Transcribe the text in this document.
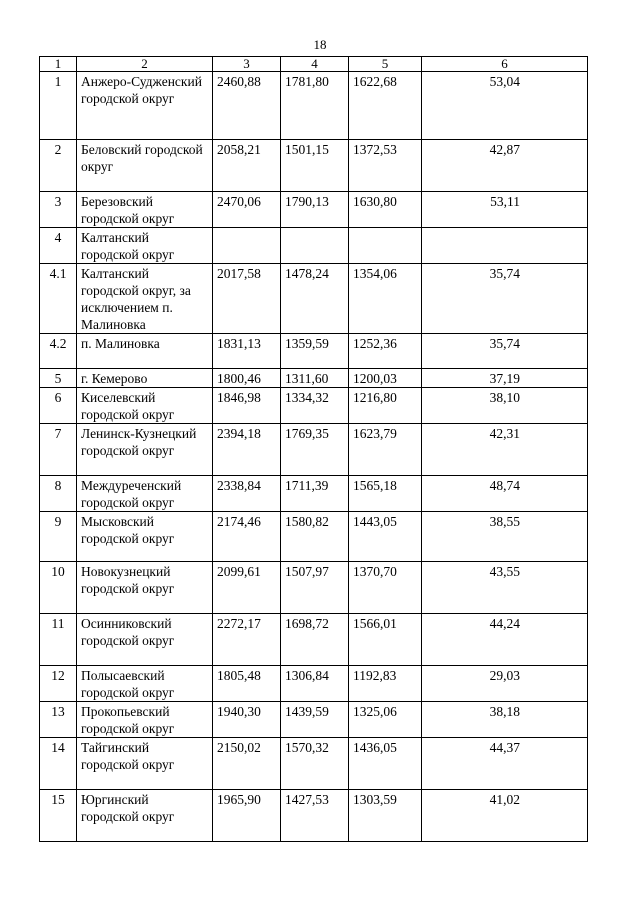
18
1	2	3	4	5	6
1	Анжеро-Судженский городской округ	2460,88	1781,80	1622,68	53,04
2	Беловский городской округ	2058,21	1501,15	1372,53	42,87
3	Березовский городской округ	2470,06	1790,13	1630,80	53,11
4	Калтанский городской округ				
4.1	Калтанский городской округ, за исключением п. Малиновка	2017,58	1478,24	1354,06	35,74
4.2	п. Малиновка	1831,13	1359,59	1252,36	35,74
5	г. Кемерово	1800,46	1311,60	1200,03	37,19
6	Киселевский городской округ	1846,98	1334,32	1216,80	38,10
7	Ленинск-Кузнецкий городской округ	2394,18	1769,35	1623,79	42,31
8	Междуреченский городской округ	2338,84	1711,39	1565,18	48,74
9	Мысковский городской округ	2174,46	1580,82	1443,05	38,55
10	Новокузнецкий городской округ	2099,61	1507,97	1370,70	43,55
11	Осинниковский городской округ	2272,17	1698,72	1566,01	44,24
12	Полысаевский городской округ	1805,48	1306,84	1192,83	29,03
13	Прокопьевский городской округ	1940,30	1439,59	1325,06	38,18
14	Тайгинский городской округ	2150,02	1570,32	1436,05	44,37
15	Юргинский городской округ	1965,90	1427,53	1303,59	41,02
